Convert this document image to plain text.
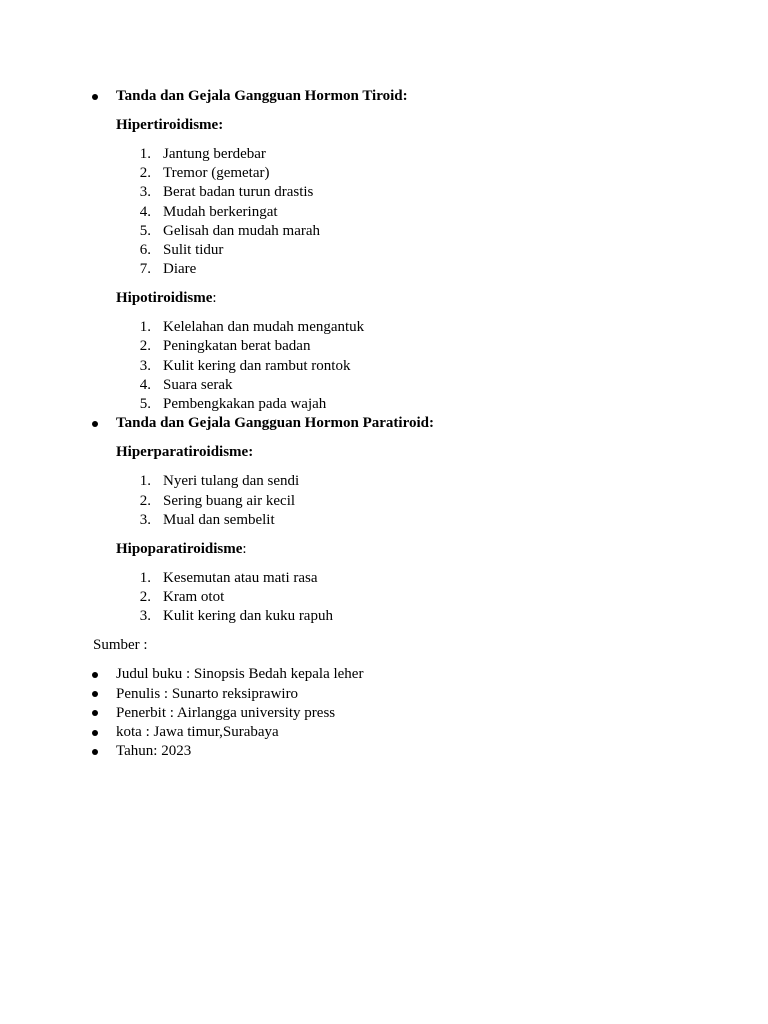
Tanda dan Gejala Gangguan Hormon Tiroid:
Hipertiroidisme:
1. Jantung berdebar
2. Tremor (gemetar)
3. Berat badan turun drastis
4. Mudah berkeringat
5. Gelisah dan mudah marah
6. Sulit tidur
7. Diare
Hipotiroidisme:
1. Kelelahan dan mudah mengantuk
2. Peningkatan berat badan
3. Kulit kering dan rambut rontok
4. Suara serak
5. Pembengkakan pada wajah
Tanda dan Gejala Gangguan Hormon Paratiroid:
Hiperparatiroidisme:
1. Nyeri tulang dan sendi
2. Sering buang air kecil
3. Mual dan sembelit
Hipoparatiroidisme:
1. Kesemutan atau mati rasa
2. Kram otot
3. Kulit kering dan kuku rapuh
Sumber :
Judul buku : Sinopsis Bedah kepala leher
Penulis : Sunarto reksiprawiro
Penerbit : Airlangga university press
kota : Jawa timur,Surabaya
Tahun: 2023
